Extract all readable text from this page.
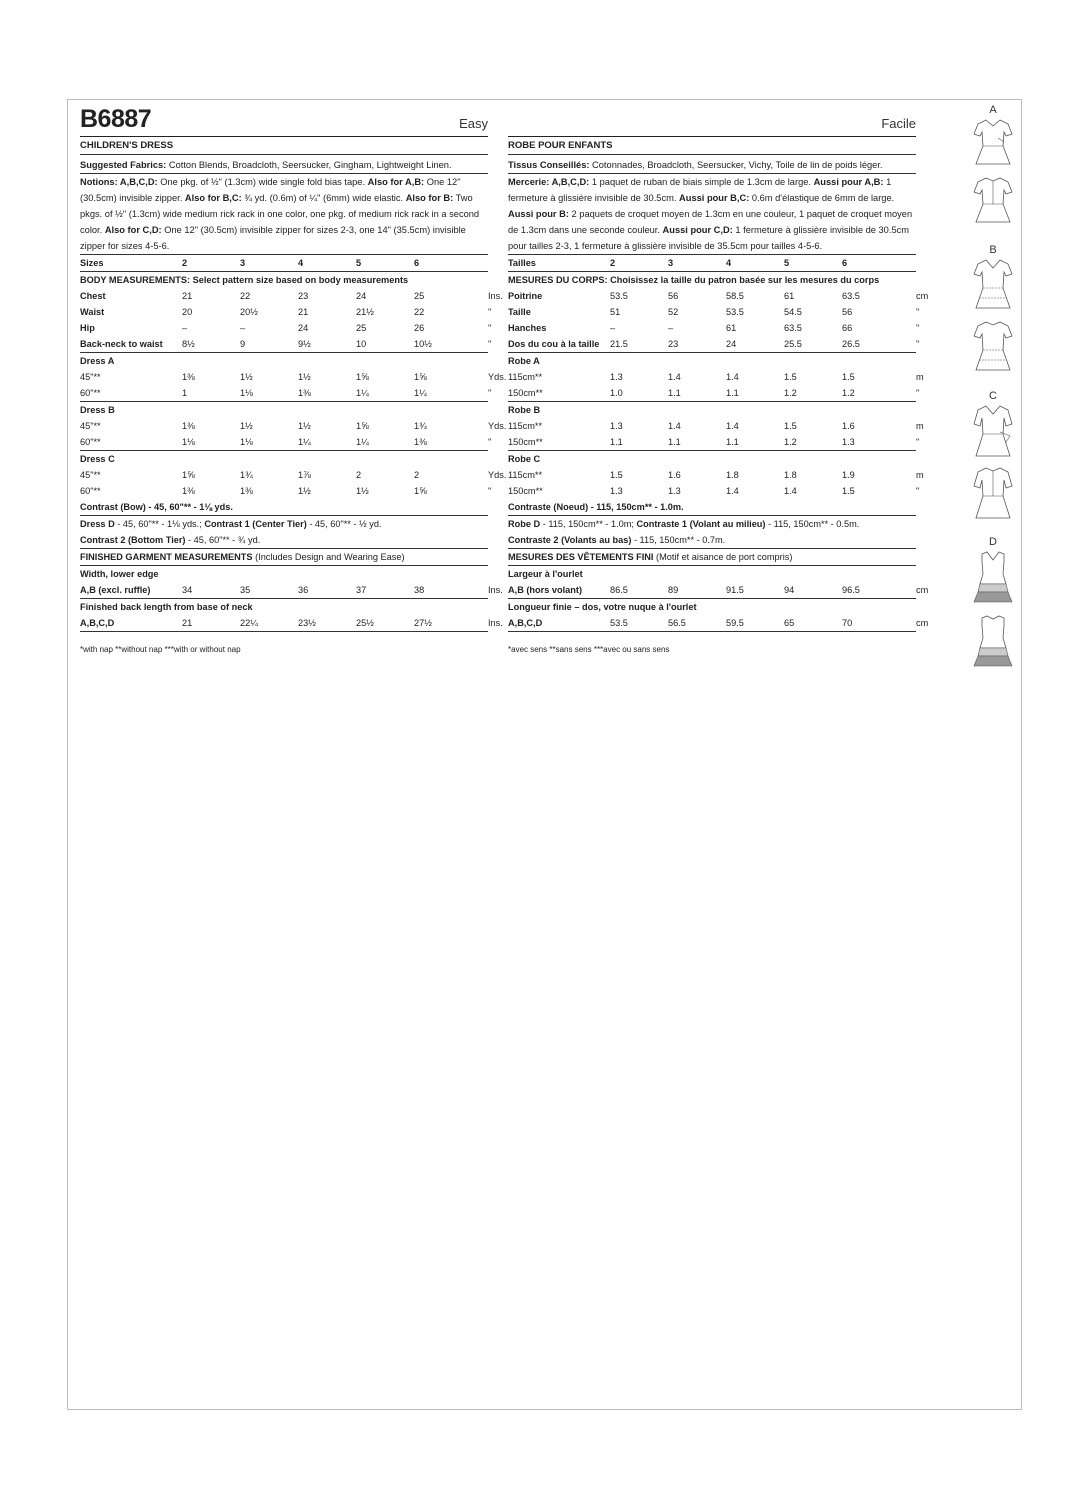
B6887	Easy
CHILDREN'S DRESS

Suggested Fabrics: Cotton Blends, Broadcloth, Seersucker, Gingham, Lightweight Linen.

Notions: A,B,C,D: One pkg. of ½" (1.3cm) wide single fold bias tape. Also for A,B: One 12" (30.5cm) invisible zipper. Also for B,C: ¾ yd. (0.6m) of ¼" (6mm) wide elastic. Also for B: Two pkgs. of ½" (1.3cm) wide medium rick rack in one color, one pkg. of medium rick rack in a second color. Also for C,D: One 12" (30.5cm) invisible zipper for sizes 2-3, one 14" (35.5cm) invisible zipper for sizes 4-5-6.

Sizes	2	3	4	5	6		
BODY MEASUREMENTS: Select pattern size based on body measurements							
Chest	21	22	23	24	25		Ins.
Waist	20	20½	21	21½	22		"
Hip	–	–	24	25	26		"
Back-neck to waist	8½	9	9½	10	10½		"
Dress A							
45"**	1⅜	1½	1½	1⅝	1⅝		Yds.
60"**	1	1⅛	1⅜	1¼	1¼		"
Dress B							
45"**	1⅜	1½	1½	1⅝	1¾		Yds.
60"**	1⅛	1⅛	1¼	1¼	1⅜		"
Dress C							
45"**	1⅝	1¾	1⅞	2	2		Yds.
60"**	1⅜	1⅜	1½	1½	1⅝		"
Contrast (Bow) - 45, 60"** - 1⅛ yds.							
Dress D - 45, 60"** - 1⅛ yds.; Contrast 1 (Center Tier) - 45, 60"** - ½ yd.							
Contrast 2 (Bottom Tier) - 45, 60"** - ¾ yd.							
FINISHED GARMENT MEASUREMENTS (Includes Design and Wearing Ease)							
Width, lower edge							
A,B (excl. ruffle)	34	35	36	37	38		Ins.
Finished back length from base of neck							
A,B,C,D	21	22¼	23½	25½	27½		Ins.

*with nap **without nap ***with or without nap
Facile
ROBE POUR ENFANTS

Tissus Conseillés: Cotonnades, Broadcloth, Seersucker, Vichy, Toile de lin de poids léger.

Mercerie: A,B,C,D: 1 paquet de ruban de biais simple de 1.3cm de large. Aussi pour A,B: 1 fermeture à glissière invisible de 30.5cm. Aussi pour B,C: 0.6m d'élastique de 6mm de large. Aussi pour B: 2 paquets de croquet moyen de 1.3cm en une couleur, 1 paquet de croquet moyen de 1.3cm dans une seconde couleur. Aussi pour C,D: 1 fermeture à glissière invisible de 30.5cm pour tailles 2-3, 1 fermeture à glissière invisible de 35.5cm pour tailles 4-5-6.

Tailles	2	3	4	5	6		
MESURES DU CORPS: Choisissez la taille du patron basée sur les mesures du corps							
Poitrine	53.5	56	58.5	61	63.5		cm
Taille	51	52	53.5	54.5	56		"
Hanches	–	–	61	63.5	66		"
Dos du cou à la taille	21.5	23	24	25.5	26.5		"
Robe A							
115cm**	1.3	1.4	1.4	1.5	1.5		m
150cm**	1.0	1.1	1.1	1.2	1.2		"
Robe B							
115cm**	1.3	1.4	1.4	1.5	1.6		m
150cm**	1.1	1.1	1.1	1.2	1.3		"
Robe C							
115cm**	1.5	1.6	1.8	1.8	1.9		m
150cm**	1.3	1.3	1.4	1.4	1.5		"
Contraste (Noeud) - 115, 150cm** - 1.0m.							
Robe D - 115, 150cm** - 1.0m; Contraste 1 (Volant au milieu) - 115, 150cm** - 0.5m.							
Contraste 2 (Volants au bas) - 115, 150cm** - 0.7m.							
MESURES DES VÊTEMENTS FINI (Motif et aisance de port compris)							
Largeur à l'ourlet							
A,B (hors volant)	86.5	89	91.5	94	96.5		cm
Longueur finie – dos, votre nuque à l'ourlet							
A,B,C,D	53.5	56.5	59.5	65	70		cm

*avec sens **sans sens ***avec ou sans sens
A
B
C
D
